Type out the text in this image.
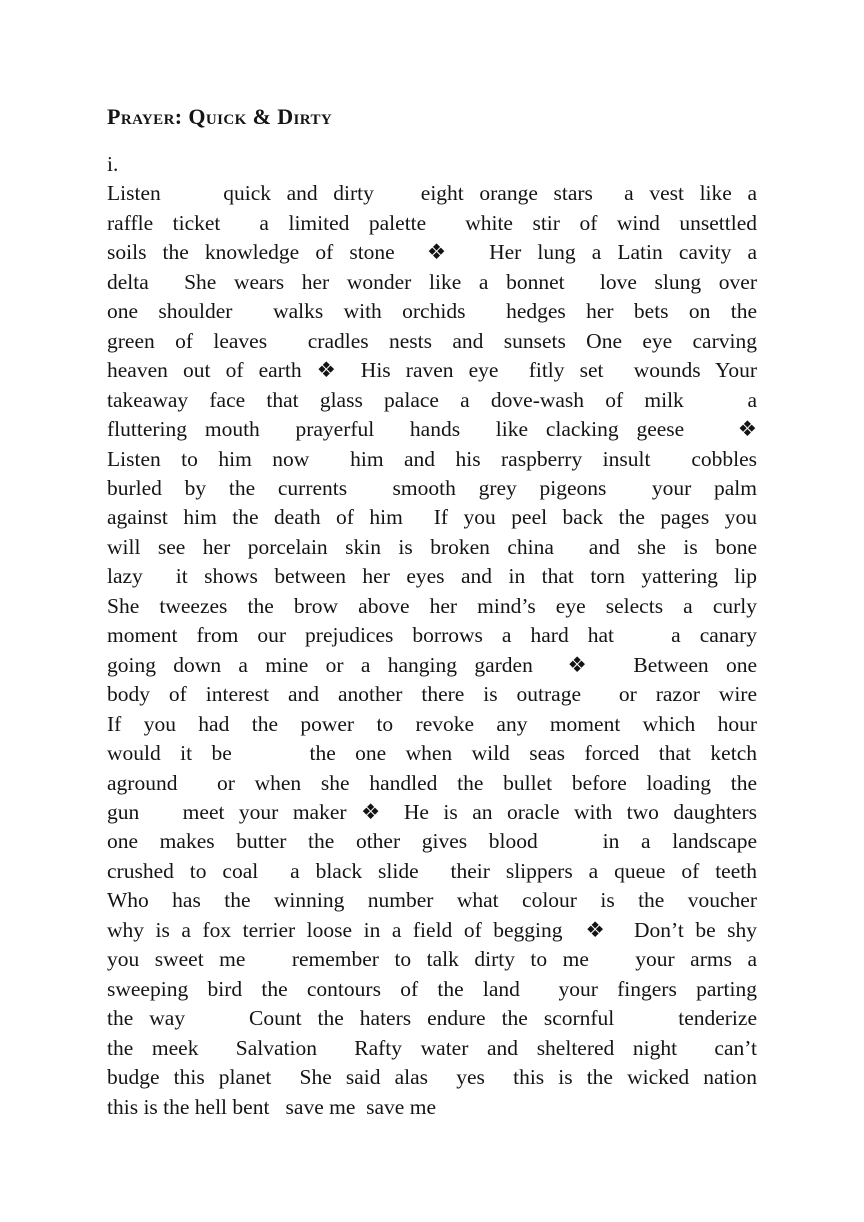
Prayer: Quick & Dirty
i.
Listen    quick and dirty   eight orange stars  a vest like a
raffle ticket  a limited palette  white stir of wind unsettled
soils the knowledge of stone  ❖  Her lung a Latin cavity a
delta  She wears her wonder like a bonnet  love slung over
one shoulder  walks with orchids  hedges her bets on the
green of leaves  cradles nests and sunsets One eye carving
heaven out of earth ❖ His raven eye  fitly set  wounds Your
takeaway face that glass palace a dove-wash of milk   a
fluttering mouth  prayerful  hands  like clacking geese   ❖
Listen to him now  him and his raspberry insult  cobbles
burled by the currents  smooth grey pigeons  your palm
against him the death of him  If you peel back the pages you
will see her porcelain skin is broken china  and she is bone
lazy  it shows between her eyes and in that torn yattering lip
She tweezes the brow above her mind’s eye selects a curly
moment from our prejudices borrows a hard hat   a canary
going down a mine or a hanging garden  ❖  Between one
body of interest and another there is outrage  or razor wire
If you had the power to revoke any moment which hour
would it be    the one when wild seas forced that ketch
aground  or when she handled the bullet before loading the
gun   meet your maker ❖ He is an oracle with two daughters
one makes butter the other gives blood   in a landscape
crushed to coal  a black slide  their slippers a queue of teeth
Who has the winning number what colour is the voucher
why is a fox terrier loose in a field of begging  ❖  Don’t be shy
you sweet me   remember to talk dirty to me   your arms a
sweeping bird the contours of the land  your fingers parting
the way    Count the haters endure the scornful    tenderize
the meek  Salvation  Rafty water and sheltered night  can’t
budge this planet  She said alas  yes  this is the wicked nation
this is the hell bent   save me  save me
